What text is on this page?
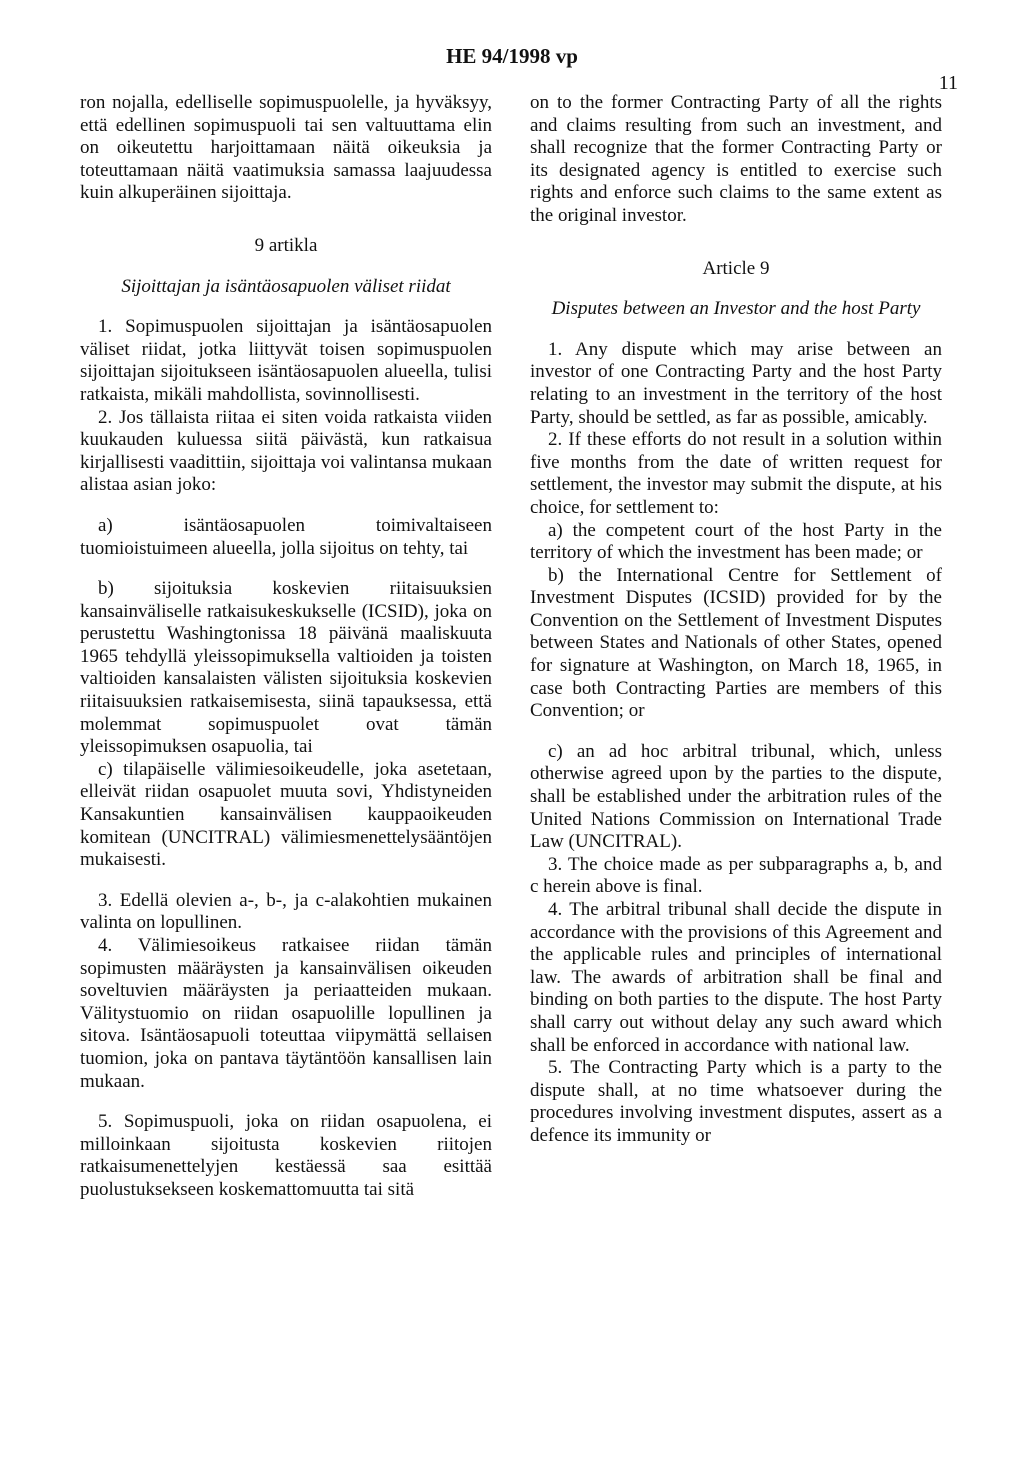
HE 94/1998 vp
11

ron nojalla, edelliselle sopimuspuolelle, ja hyväksyy, että edellinen sopimuspuoli tai sen valtuuttama elin on oikeutettu harjoittamaan näitä oikeuksia ja toteuttamaan näitä vaatimuksia samassa laajuudessa kuin alkuperäinen sijoittaja.

9 artikla
Sijoittajan ja isäntäosapuolen väliset riidat

1. Sopimuspuolen sijoittajan ja isäntäosapuolen väliset riidat, jotka liittyvät toisen sopimuspuolen sijoittajan sijoitukseen isäntäosapuolen alueella, tulisi ratkaista, mikäli mahdollista, sovinnollisesti.

2. Jos tällaista riitaa ei siten voida ratkaista viiden kuukauden kuluessa siitä päivästä, kun ratkaisua kirjallisesti vaadittiin, sijoittaja voi valintansa mukaan alistaa asian joko:

a) isäntäosapuolen toimivaltaiseen tuomioistuimeen alueella, jolla sijoitus on tehty, tai

b) sijoituksia koskevien riitaisuuksien kansainväliselle ratkaisukeskukselle (ICSID), joka on perustettu Washingtonissa 18 päivänä maaliskuuta 1965 tehdyllä yleissopimuksella valtioiden ja toisten valtioiden kansalaisten välisten sijoituksia koskevien riitaisuuksien ratkaisemisesta, siinä tapauksessa, että molemmat sopimuspuolet ovat tämän yleissopimuksen osapuolia, tai

c) tilapäiselle välimiesoikeudelle, joka asetetaan, elleivät riidan osapuolet muuta sovi, Yhdistyneiden Kansakuntien kansainvälisen kauppaoikeuden komitean (UNCITRAL) välimiesmenettelysääntöjen mukaisesti.

3. Edellä olevien a-, b-, ja c-alakohtien mukainen valinta on lopullinen.

4. Välimiesoikeus ratkaisee riidan tämän sopimusten määräysten ja kansainvälisen oikeuden soveltuvien määräysten ja periaatteiden mukaan. Välitystuomio on riidan osapuolille lopullinen ja sitova. Isäntäosapuoli toteuttaa viipymättä sellaisen tuomion, joka on pantava täytäntöön kansallisen lain mukaan.

5. Sopimuspuoli, joka on riidan osapuolena, ei milloinkaan sijoitusta koskevien riitojen ratkaisumenettelyjen kestäessä saa esittää puolustuksekseen koskemattomuutta tai sitä

on to the former Contracting Party of all the rights and claims resulting from such an investment, and shall recognize that the former Contracting Party or its designated agency is entitled to exercise such rights and enforce such claims to the same extent as the original investor.

Article 9
Disputes between an Investor and the host Party

1. Any dispute which may arise between an investor of one Contracting Party and the host Party relating to an investment in the territory of the host Party, should be settled, as far as possible, amicably.

2. If these efforts do not result in a solution within five months from the date of written request for settlement, the investor may submit the dispute, at his choice, for settlement to:

a) the competent court of the host Party in the territory of which the investment has been made; or

b) the International Centre for Settlement of Investment Disputes (ICSID) provided for by the Convention on the Settlement of Investment Disputes between States and Nationals of other States, opened for signature at Washington, on March 18, 1965, in case both Contracting Parties are members of this Convention; or

c) an ad hoc arbitral tribunal, which, unless otherwise agreed upon by the parties to the dispute, shall be established under the arbitration rules of the United Nations Commission on International Trade Law (UNCITRAL).

3. The choice made as per subparagraphs a, b, and c herein above is final.

4. The arbitral tribunal shall decide the dispute in accordance with the provisions of this Agreement and the applicable rules and principles of international law. The awards of arbitration shall be final and binding on both parties to the dispute. The host Party shall carry out without delay any such award which shall be enforced in accordance with national law.

5. The Contracting Party which is a party to the dispute shall, at no time whatsoever during the procedures involving investment disputes, assert as a defence its immunity or
